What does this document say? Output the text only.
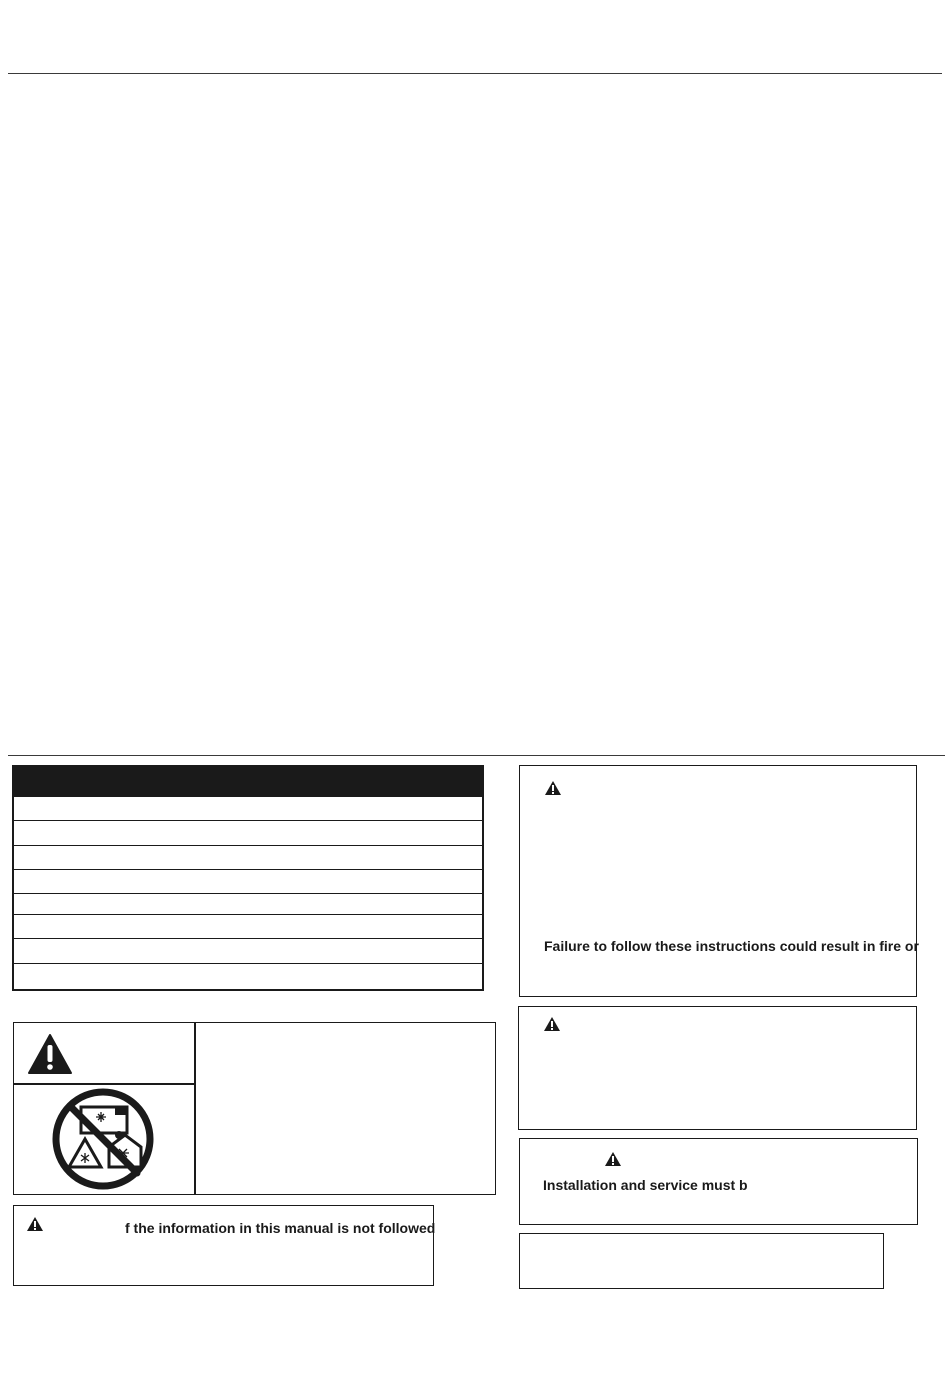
f the information in this manual is not followed
Failure to follow these instructions could result in fire or
Installation and service must b
